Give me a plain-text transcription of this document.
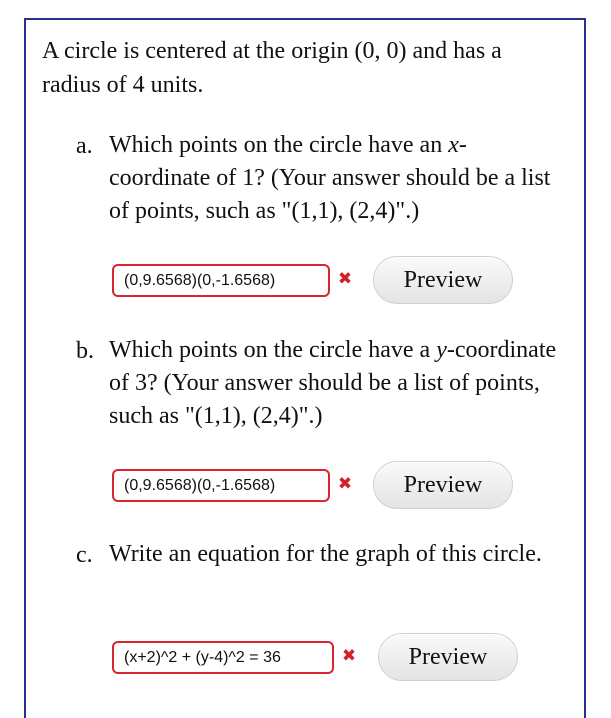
A circle is centered at the origin (0, 0) and has a radius of 4 units.
a. Which points on the circle have an x-coordinate of 1? (Your answer should be a list of points, such as "(1,1), (2,4)".)
(0,9.6568)(0,-1.6568)	✖	Preview
b. Which points on the circle have a y-coordinate of 3? (Your answer should be a list of points, such as "(1,1), (2,4)".)
(0,9.6568)(0,-1.6568)	✖	Preview
c. Write an equation for the graph of this circle.
(x+2)^2 + (y-4)^2 = 36	✖	Preview
